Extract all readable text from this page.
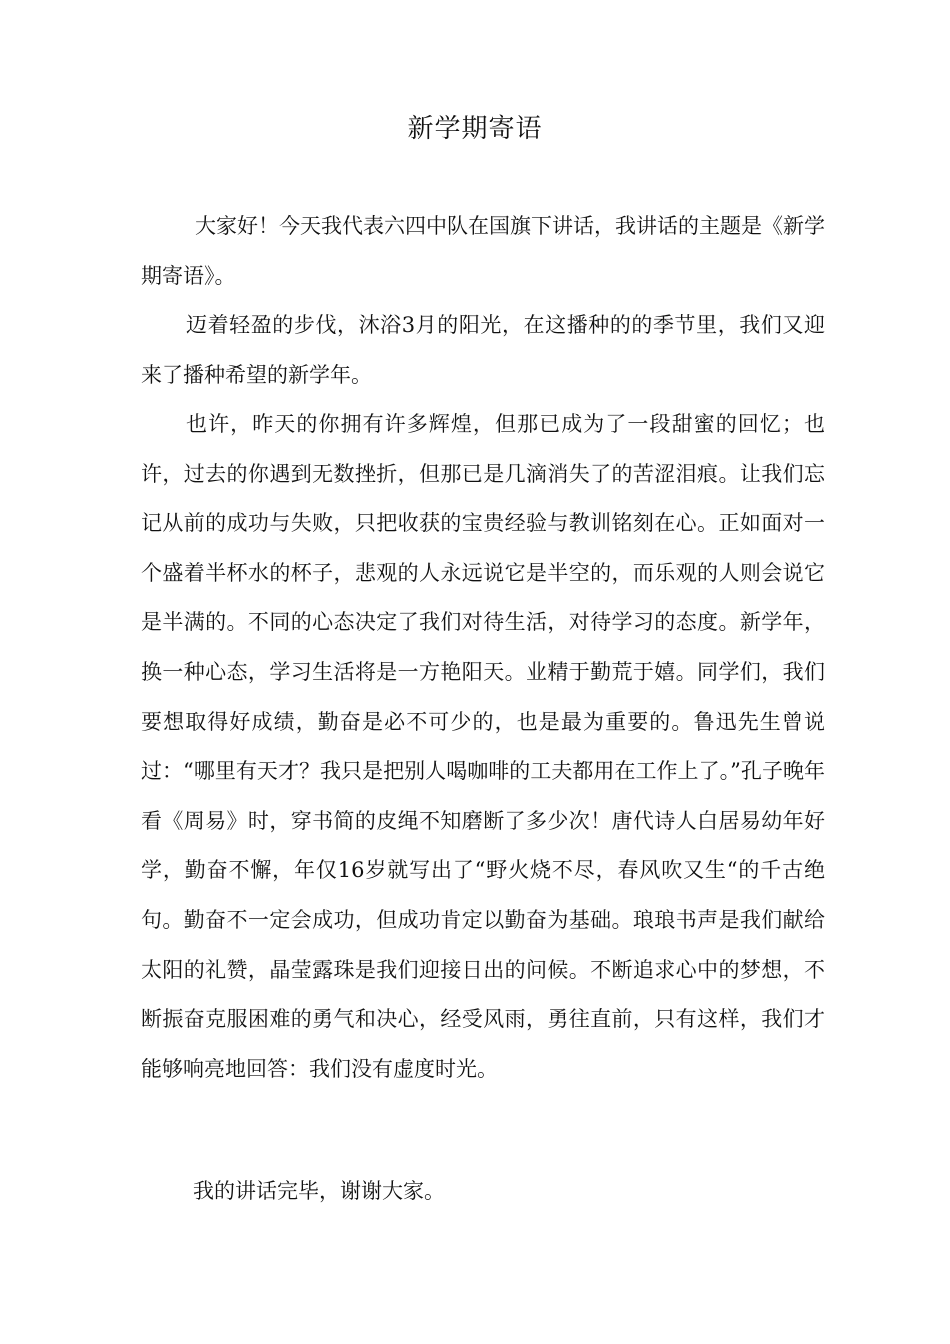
新学期寄语

大家好！今天我代表六四中队在国旗下讲话，我讲话的主题是《新学期寄语》。

迈着轻盈的步伐，沐浴3月的阳光，在这播种的的季节里，我们又迎来了播种希望的新学年。

也许，昨天的你拥有许多辉煌，但那已成为了一段甜蜜的回忆；也许，过去的你遇到无数挫折，但那已是几滴消失了的苦涩泪痕。让我们忘记从前的成功与失败，只把收获的宝贵经验与教训铭刻在心。正如面对一个盛着半杯水的杯子，悲观的人永远说它是半空的，而乐观的人则会说它是半满的。不同的心态决定了我们对待生活，对待学习的态度。新学年，换一种心态，学习生活将是一方艳阳天。业精于勤荒于嬉。同学们，我们要想取得好成绩，勤奋是必不可少的，也是最为重要的。鲁迅先生曾说过：“哪里有天才？我只是把别人喝咖啡的工夫都用在工作上了。”孔子晚年看《周易》时，穿书简的皮绳不知磨断了多少次！唐代诗人白居易幼年好学，勤奋不懈，年仅16岁就写出了“野火烧不尽，春风吹又生“的千古绝句。勤奋不一定会成功，但成功肯定以勤奋为基础。琅琅书声是我们献给太阳的礼赞，晶莹露珠是我们迎接日出的问候。不断追求心中的梦想，不断振奋克服困难的勇气和决心，经受风雨，勇往直前，只有这样，我们才能够响亮地回答：我们没有虚度时光。

我的讲话完毕，谢谢大家。
